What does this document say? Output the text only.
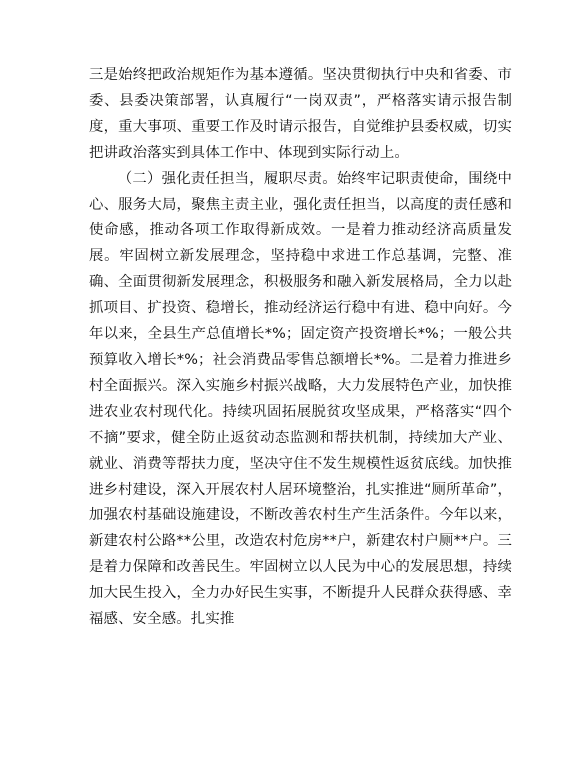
三是始终把政治规矩作为基本遵循。坚决贯彻执行中央和省委、市委、县委决策部署，认真履行“一岗双责”，严格落实请示报告制度，重大事项、重要工作及时请示报告，自觉维护县委权威，切实把讲政治落实到具体工作中、体现到实际行动上。

（二）强化责任担当，履职尽责。始终牢记职责使命，围绕中心、服务大局，聚焦主责主业，强化责任担当，以高度的责任感和使命感，推动各项工作取得新成效。一是着力推动经济高质量发展。牢固树立新发展理念，坚持稳中求进工作总基调，完整、准确、全面贯彻新发展理念，积极服务和融入新发展格局，全力以赴抓项目、扩投资、稳增长，推动经济运行稳中有进、稳中向好。今年以来，全县生产总值增长*%；固定资产投资增长*%；一般公共预算收入增长*%；社会消费品零售总额增长*%。二是着力推进乡村全面振兴。深入实施乡村振兴战略，大力发展特色产业，加快推进农业农村现代化。持续巩固拓展脱贫攻坚成果，严格落实“四个不摘”要求，健全防止返贫动态监测和帮扶机制，持续加大产业、就业、消费等帮扶力度，坚决守住不发生规模性返贫底线。加快推进乡村建设，深入开展农村人居环境整治，扎实推进“厕所革命”，加强农村基础设施建设，不断改善农村生产生活条件。今年以来，新建农村公路**公里，改造农村危房**户，新建农村户厕**户。三是着力保障和改善民生。牢固树立以人民为中心的发展思想，持续加大民生投入，全力办好民生实事，不断提升人民群众获得感、幸福感、安全感。扎实推
